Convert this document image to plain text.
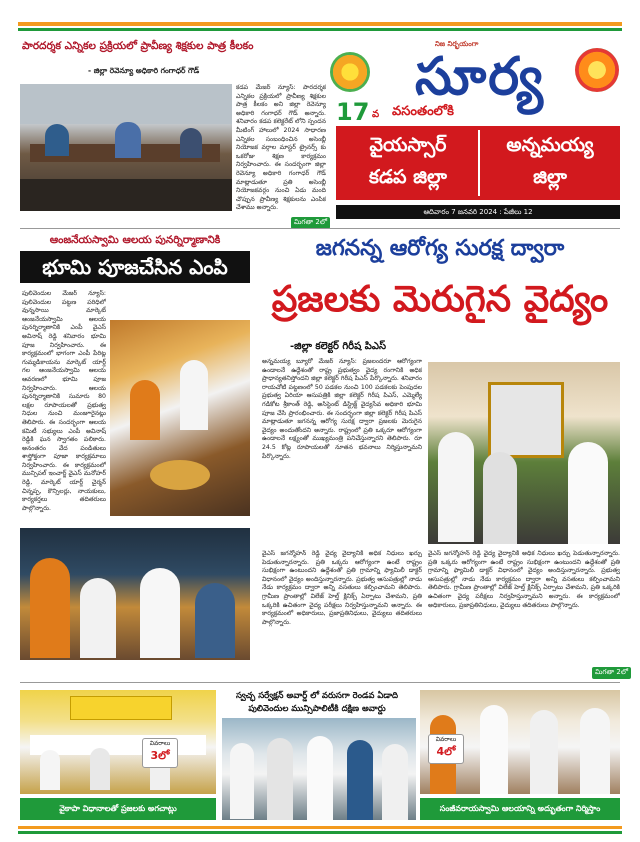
పారదర్శక ఎన్నికల ప్రక్రియలో ప్రావీణ్య శిక్షకుల పాత్ర కీలకం
- జిల్లా రెవెన్యూ అధికారి గంగాధర్ గౌడ్
కడప మేజర్ న్యూస్: పారదర్శక ఎన్నికల ప్రక్రియలో ప్రావీణ్య శిక్షకుల పాత్ర కీలకం అని జిల్లా రెవెన్యూ అధికారి గంగాధర్ గౌడ్ అన్నారు. శనివారం కడప కలెక్టరేట్ లోని స్పందన మీటింగ్ హాలులో 2024 సాధారణ ఎన్నికల సంబంధించిన అసెంబ్లీ నియోజక వర్గాల మాస్టర్ ట్రైనర్స్ కు ఒకరోజు శిక్షణ కార్యక్రమం నిర్వహించారు. ఈ సందర్భంగా జిల్లా రెవెన్యూ అధికారి గంగాధర్ గౌడ్ మాట్లాడుతూ ప్రతి అసెంబ్లీ నియోజకవర్గం నుంచి ఏడు మంది చొప్పున ప్రావీణ్య శిక్షకులను ఎంపిక చేశాము అన్నారు.
మిగతా 2లో
నిజ నిర్భయంగా
సూర్య
17 వ వసంతంలోకి
వైయస్సార్
కడప జిల్లా
అన్నమయ్య
జిల్లా
ఆదివారం 7 జనవరి 2024 : పేజీలు 12
ఆంజనేయస్వామి ఆలయ పునర్నిర్మాణానికి
భూమి పూజచేసిన ఎంపి
పులివెందుల మేజర్ న్యూస్: పులివెందుల పట్టణ పరిధిలో వున్నసాయి మార్కెట్ ఆంజనేయస్వామి ఆలయ పునర్నిర్మాణానికి ఎంపీ వైఎస్ అవినాష్ రెడ్డి శనివారం భూమి పూజ నిర్వహించారు. ఈ కార్యక్రమంలో భాగంగా ఎంపీ పేరిట్ల గుమ్మడికాయను మార్కెట్ యార్డ్ గల ఆంజనేయస్వామి ఆలయ ఆవరణలో భూమి పూజ నిర్వహించారు. ఆలయ పునర్నిర్మాణానికి సుమారు 80 లక్షల రూపాయలతో ప్రభుత్వ నిధుల నుంచి మంజూరైనట్లు తెలిపారు. ఈ సందర్భంగా ఆలయ కమిటీ సభ్యులు ఎంపీ అవినాష్ రెడ్డికి ఘన స్వాగతం పలికారు. అనంతరం వేద పండితులు శాస్త్రోక్తంగా పూజా కార్యక్రమాలు నిర్వహించారు. ఈ కార్యక్రమంలో మున్సిపల్ ఇంచార్జ్ వైఎస్ మనోహర్ రెడ్డి, మార్కెట్ యార్డ్ చైర్మన్ చిన్నప్ప, కౌన్సిలర్లు, నాయకులు, కార్యకర్తలు తదితరులు పాల్గొన్నారు.
జగనన్న ఆరోగ్య సురక్ష ద్వారా
ప్రజలకు మెరుగైన వైద్యం
-జిల్లా కలెక్టర్ గిరీష పిఎస్
అన్నమయ్య బ్యూరో మేజర్ న్యూస్: ప్రజలందరూ ఆరోగ్యంగా ఉండాలనే ఉద్దేశంతో రాష్ట్ర ప్రభుత్వం వైద్య రంగానికి అధిక ప్రాధాన్యతనిస్తోందని జిల్లా కలెక్టర్ గిరీష పిఎస్ పేర్కొన్నారు. శనివారం రాయచోటి పట్టణంలో 50 పడకల నుంచి 100 పడకలకు పెంపుదల ప్రభుత్వ ఏరియా ఆసుపత్రికి జిల్లా కలెక్టర్ గిరీష పిఎస్, ఎమ్మెల్యే గడికోట శ్రీకాంత్ రెడ్డి, అసిస్టెంట్ డిస్ట్రిక్ట్ వైద్యసేవ అధికారి భూమి పూజ చేసి ప్రారంభించారు. ఈ సందర్భంగా జిల్లా కలెక్టర్ గిరీష పిఎస్ మాట్లాడుతూ జగనన్న ఆరోగ్య సురక్ష ద్వారా ప్రజలకు మెరుగైన వైద్యం అందుతోందని అన్నారు. రాష్ట్రంలో ప్రతి ఒక్కరూ ఆరోగ్యంగా ఉండాలనే లక్ష్యంతో ముఖ్యమంత్రి పనిచేస్తున్నారని తెలిపారు. రూ 24.5 కోట్ల రూపాయలతో నూతన భవనాలు నిర్మిస్తున్నామని పేర్కొన్నారు.
వైఎస్ జగన్మోహన్ రెడ్డి వైద్య వైద్యానికి అధిక నిధులు ఖర్చు పెడుతున్నారన్నారు. ప్రతి ఒక్కరు ఆరోగ్యంగా ఉంటే రాష్ట్రం సుభిక్షంగా ఉంటుందని ఉద్దేశంతో ప్రతి గ్రామాన్ని ఫ్యామిలీ డాక్టర్ విధానంలో వైద్యం అందిస్తున్నారన్నారు. ప్రభుత్వ ఆసుపత్రుల్లో నాడు నేడు కార్యక్రమం ద్వారా అన్ని వసతులు కల్పించామని తెలిపారు. గ్రామీణ ప్రాంతాల్లో విలేజ్ హెల్త్ క్లినిక్స్ ఏర్పాటు చేశామని, ప్రతి ఒక్కరికి ఉచితంగా వైద్య పరీక్షలు నిర్వహిస్తున్నామని అన్నారు. ఈ కార్యక్రమంలో అధికారులు, ప్రజాప్రతినిధులు, వైద్యులు తదితరులు పాల్గొన్నారు.
వైఎస్ జగన్మోహన్ రెడ్డి వైద్య వైద్యానికి అధిక నిధులు ఖర్చు పెడుతున్నారన్నారు. ప్రతి ఒక్కరు ఆరోగ్యంగా ఉంటే రాష్ట్రం సుభిక్షంగా ఉంటుందని ఉద్దేశంతో ప్రతి గ్రామాన్ని ఫ్యామిలీ డాక్టర్ విధానంలో వైద్యం అందిస్తున్నారన్నారు. ప్రభుత్వ ఆసుపత్రుల్లో నాడు నేడు కార్యక్రమం ద్వారా అన్ని వసతులు కల్పించామని తెలిపారు. గ్రామీణ ప్రాంతాల్లో విలేజ్ హెల్త్ క్లినిక్స్ ఏర్పాటు చేశామని, ప్రతి ఒక్కరికి ఉచితంగా వైద్య పరీక్షలు నిర్వహిస్తున్నామని అన్నారు. ఈ కార్యక్రమంలో అధికారులు, ప్రజాప్రతినిధులు, వైద్యులు తదితరులు పాల్గొన్నారు.
మిగతా 2లో
వివరాలు
3లో
వైకాపా విధానాలతో ప్రజలకు అగచాట్లు
స్వచ్ఛ సర్వేక్షన్ అవార్డ్ లో వరుసగా రెండవ ఏడాది
పులివెందుల మున్సిపాలిటీకి దక్షిణ అవార్డు
వివరాలు
4లో
సంజీవరాయస్వామి ఆలయాన్ని అద్భుతంగా నిర్మిస్తాం
